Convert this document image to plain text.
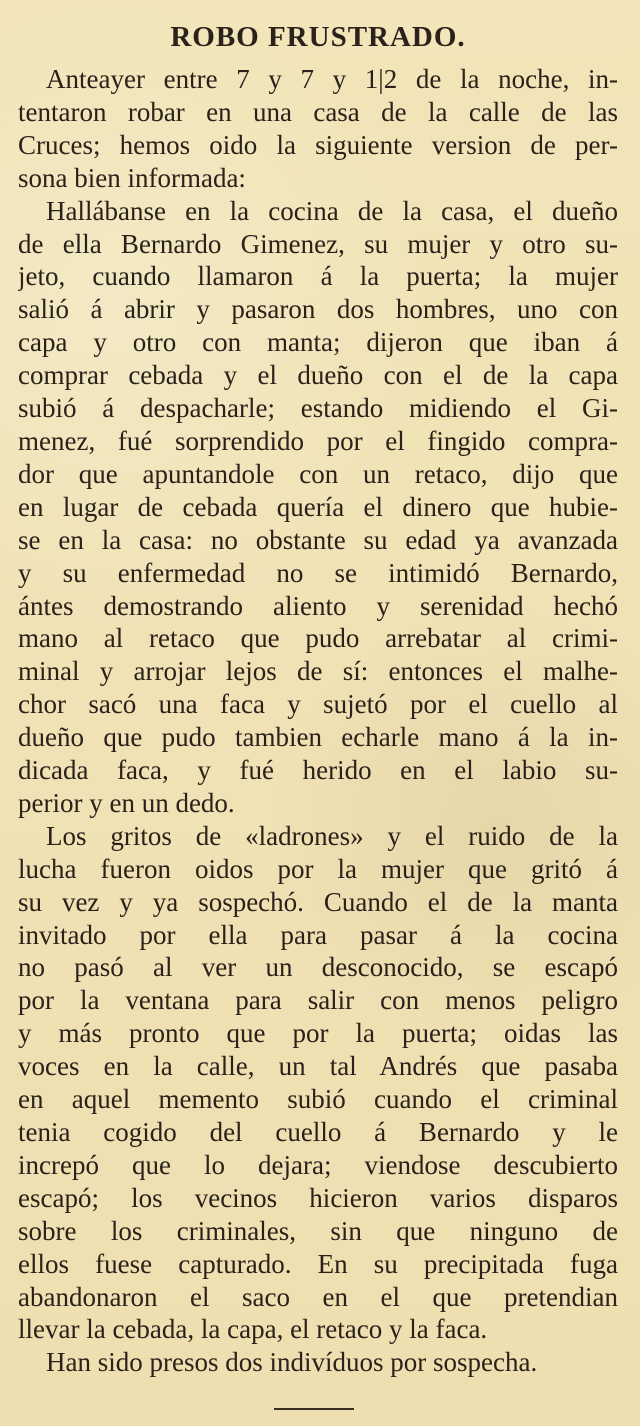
ROBO FRUSTRADO.
Anteayer entre 7 y 7 y 1|2 de la noche, in-
tentaron robar en una casa de la calle de las
Cruces; hemos oido la siguiente version de per-
sona bien informada:
Hallábanse en la cocina de la casa, el dueño
de ella Bernardo Gimenez, su mujer y otro su-
jeto, cuando llamaron á la puerta; la mujer
salió á abrir y pasaron dos hombres, uno con
capa y otro con manta; dijeron que iban á
comprar cebada y el dueño con el de la capa
subió á despacharle; estando midiendo el Gi-
menez, fué sorprendido por el fingido compra-
dor que apuntandole con un retaco, dijo que
en lugar de cebada quería el dinero que hubie-
se en la casa: no obstante su edad ya avanzada
y su enfermedad no se intimidó Bernardo,
ántes demostrando aliento y serenidad hechó
mano al retaco que pudo arrebatar al crimi-
minal y arrojar lejos de sí: entonces el malhe-
chor sacó una faca y sujetó por el cuello al
dueño que pudo tambien echarle mano á la in-
dicada faca, y fué herido en el labio su-
perior y en un dedo.
Los gritos de «ladrones» y el ruido de la
lucha fueron oidos por la mujer que gritó á
su vez y ya sospechó. Cuando el de la manta
invitado por ella para pasar á la cocina
no pasó al ver un desconocido, se escapó
por la ventana para salir con menos peligro
y más pronto que por la puerta; oidas las
voces en la calle, un tal Andrés que pasaba
en aquel memento subió cuando el criminal
tenia cogido del cuello á Bernardo y le
increpó que lo dejara; viendose descubierto
escapó; los vecinos hicieron varios disparos
sobre los criminales, sin que ninguno de
ellos fuese capturado. En su precipitada fuga
abandonaron el saco en el que pretendian
llevar la cebada, la capa, el retaco y la faca.
Han sido presos dos indivíduos por sospecha.
